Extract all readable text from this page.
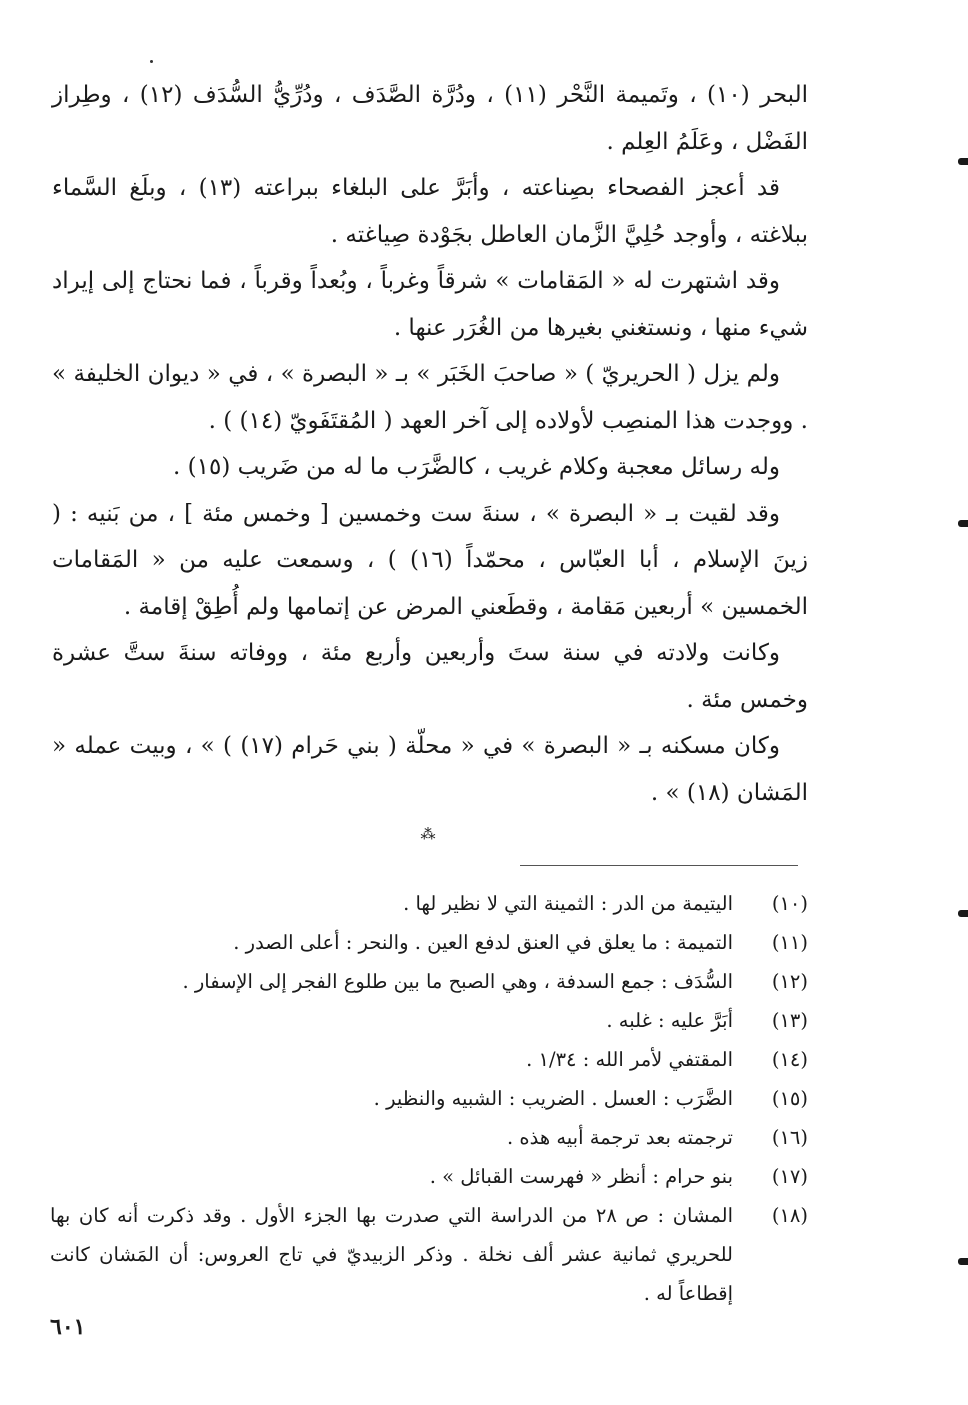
البحر (١٠) ، وتَميمة النَّحْر (١١) ، ودُرَّة الصَّدَف ، ودُرِّيُّ السُّدَف (١٢) ، وطِراز الفَضْل ، وعَلَمُ العِلم .

قد أعجز الفصحاء بصِناعته ، وأبَرَّ على البلغاء ببراعته (١٣) ، وبلَغ السَّماء ببلاغته ، وأوجد حُلِيَّ الزَّمان العاطل بجَوْدة صِياغته .

وقد اشتهرت له « المَقامات » شرقاً وغرباً ، وبُعداً وقرباً ، فما نحتاج إلى إيراد شيء منها ، ونستغني بغيرها من الغُرَر عنها .

ولم يزل ( الحريريّ ) « صاحبَ الخَبَر » بـ « البصرة » ، في « ديوان الخليفة » . ووجدت هذا المنصِب لأولاده إلى آخر العهد ( المُقتَفَويّ (١٤) ) .

وله رسائل معجبة وكلام غريب ، كالضَّرَب ما له من ضَريب (١٥) .

وقد لقيت بـ « البصرة » ، سنةَ ست وخمسين [ وخمس مئة ] ، من بَنيه : ( زينَ الإسلام ، أبا العبّاس ، محمّداً (١٦) ) ، وسمعت عليه من « المَقامات الخمسين » أربعين مَقامة ، وقطَعني المرض عن إتمامها ولم أُطِقْ إقامة .

وكانت ولادته في سنة ستَ وأربعين وأربع مئة ، ووفاته سنةَ ستَّ عشرة وخمس مئة .

وكان مسكنه بـ « البصرة » في « محلّة ( بني حَرام (١٧) ) » ، وبيت عمله « المَشان (١٨) » .

⁂
(١٠)
اليتيمة من الدر : الثمينة التي لا نظير لها .
(١١)
التميمة : ما يعلق في العنق لدفع العين . والنحر : أعلى الصدر .
(١٢)
السُّدَف : جمع السدفة ، وهي الصبح ما بين طلوع الفجر إلى الإسفار .
(١٣)
أبَرَّ عليه : غلبه .
(١٤)
المقتفي لأمر الله : ١/٣٤ .
(١٥)
الضَّرَب : العسل . الضريب : الشبيه والنظير .
(١٦)
ترجمته بعد ترجمة أبيه هذه .
(١٧)
بنو حرام : أنظر « فهرست القبائل » .
(١٨)
المشان : ص ٢٨ من الدراسة التي صدرت بها الجزء الأول . وقد ذكرت أنه كان بها للحريري ثمانية عشر ألف نخلة . وذكر الزبيديّ في تاج العروس: أن المَشان كانت إقطاعاً له .
٦٠١
